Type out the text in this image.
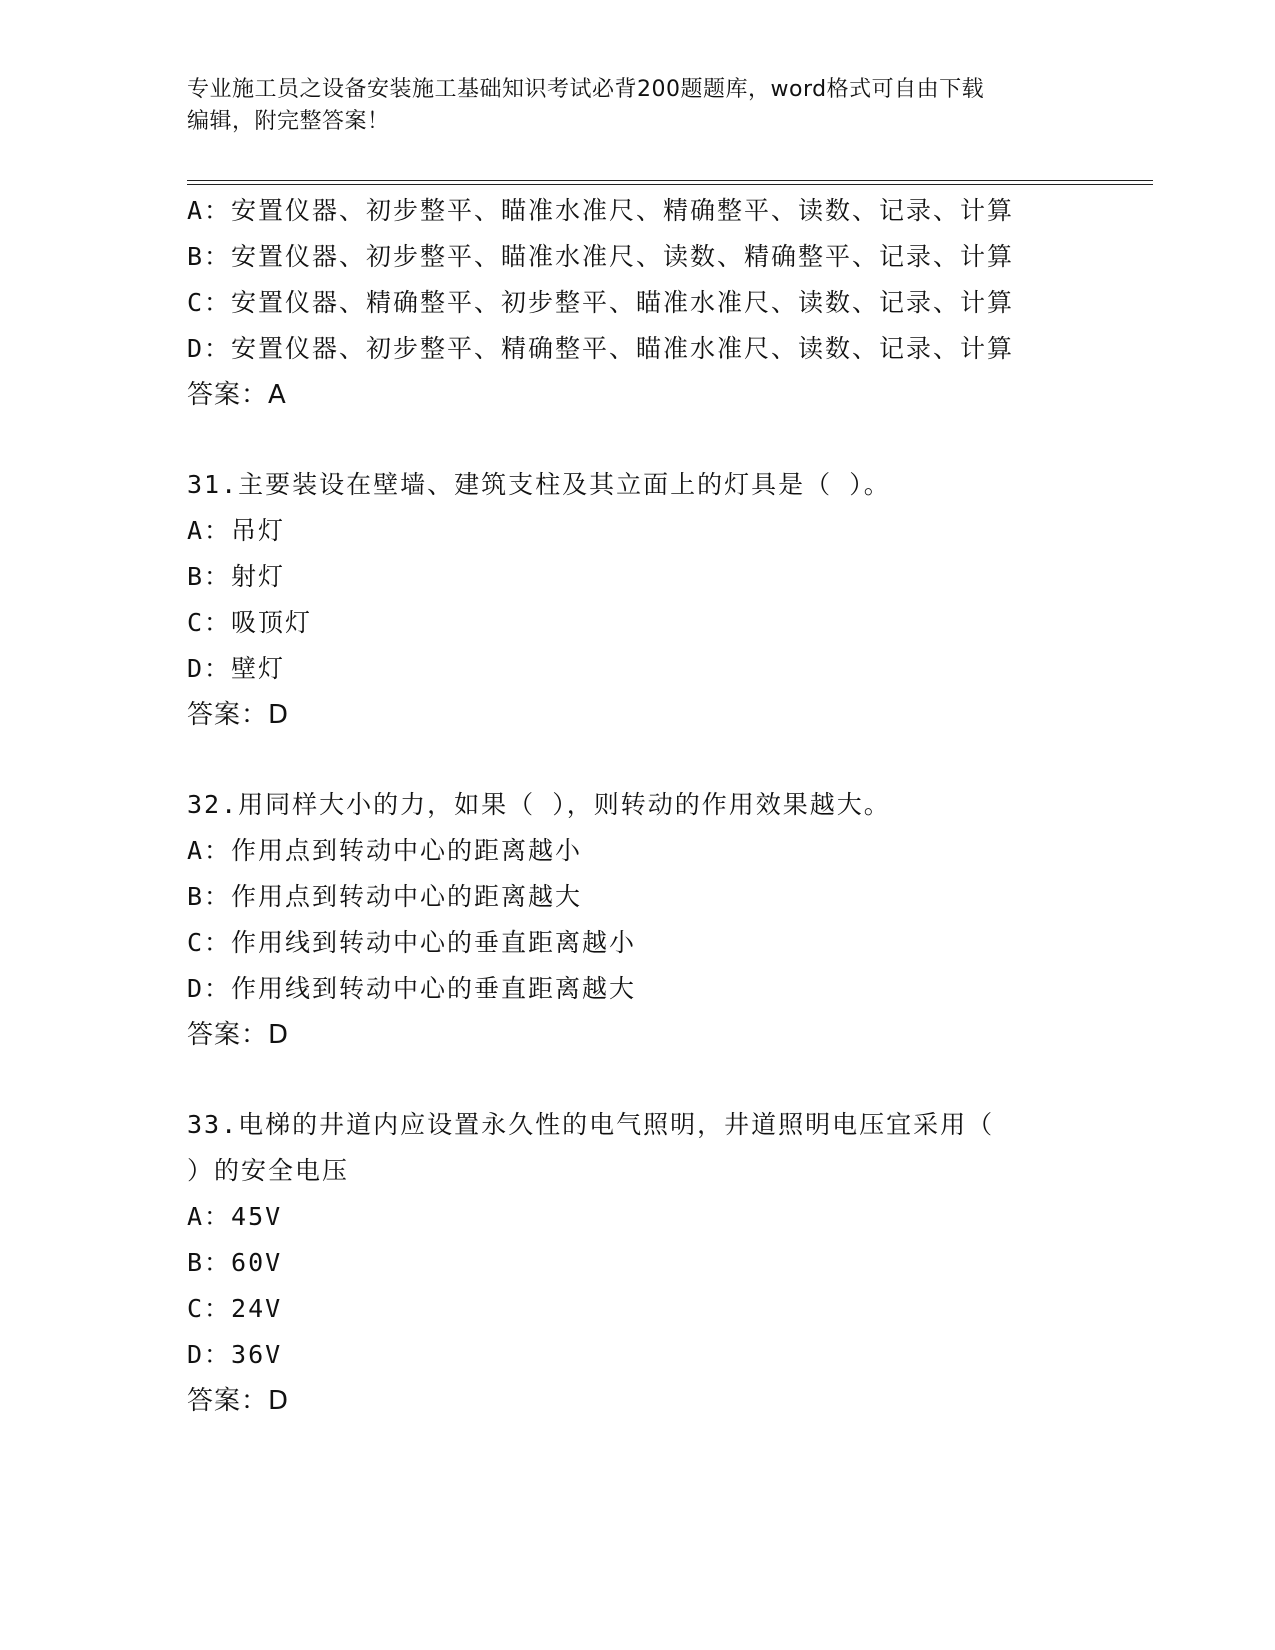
专业施工员之设备安装施工基础知识考试必背200题题库，word格式可自由下载
编辑，附完整答案！
A：安置仪器、初步整平、瞄准水准尺、精确整平、读数、记录、计算
B：安置仪器、初步整平、瞄准水准尺、读数、精确整平、记录、计算
C：安置仪器、精确整平、初步整平、瞄准水准尺、读数、记录、计算
D：安置仪器、初步整平、精确整平、瞄准水准尺、读数、记录、计算
答案：A
31.主要装设在壁墙、建筑支柱及其立面上的灯具是（ ）。
A：吊灯
B：射灯
C：吸顶灯
D：壁灯
答案：D
32.用同样大小的力，如果（ ），则转动的作用效果越大。
A：作用点到转动中心的距离越小
B：作用点到转动中心的距离越大
C：作用线到转动中心的垂直距离越小
D：作用线到转动中心的垂直距离越大
答案：D
33.电梯的井道内应设置永久性的电气照明，井道照明电压宜采用（
）的安全电压
A：45V
B：60V
C：24V
D：36V
答案：D
